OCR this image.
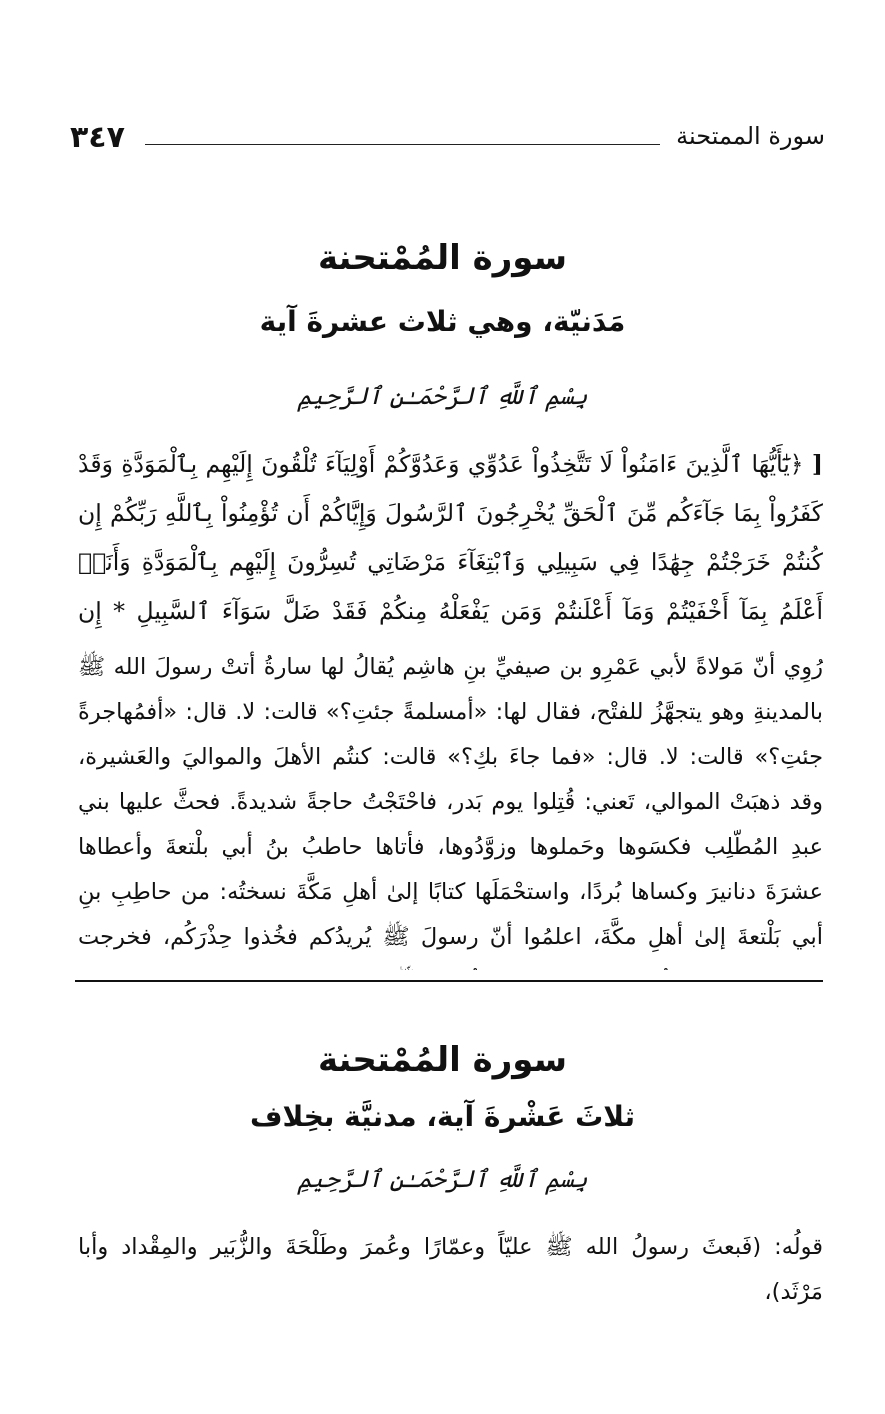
٣٤٧	سورة الممتحنة
سورة المُمْتحنة
مَدَنيّة، وهي ثلاث عشرةَ آية
بِسْمِ ٱللَّهِ ٱلرَّحْمَـٰنِ ٱلرَّحِيمِ
[ ﴿يَٰٓأَيُّهَا ٱلَّذِينَ ءَامَنُواْ لَا تَتَّخِذُواْ عَدُوِّي وَعَدُوَّكُمْ أَوْلِيَآءَ تُلْقُونَ إِلَيْهِم بِٱلْمَوَدَّةِ وَقَدْ كَفَرُواْ بِمَا جَآءَكُم مِّنَ ٱلْحَقِّ يُخْرِجُونَ ٱلرَّسُولَ وَإِيَّاكُمْ أَن تُؤْمِنُواْ بِٱللَّهِ رَبِّكُمْ إِن كُنتُمْ خَرَجْتُمْ جِهَٰدًا فِي سَبِيلِي وَٱبْتِغَآءَ مَرْضَاتِي تُسِرُّونَ إِلَيْهِم بِٱلْمَوَدَّةِ وَأَنَا۠ أَعْلَمُ بِمَآ أَخْفَيْتُمْ وَمَآ أَعْلَنتُمْ وَمَن يَفْعَلْهُ مِنكُمْ فَقَدْ ضَلَّ سَوَآءَ ٱلسَّبِيلِ * إِن
رُوِي أنّ مَولاةً لأبي عَمْرِو بن صيفيِّ بنِ هاشِم يُقالُ لها سارةُ أتتْ رسولَ الله ﷺ بالمدينةِ وهو يتجهَّزُ للفتْح، فقال لها: «أمسلمةً جئتِ؟» قالت: لا. قال: «أفمُهاجرةً جئتِ؟» قالت: لا. قال: «فما جاءَ بكِ؟» قالت: كنتُم الأهلَ والمواليَ والعَشيرة، وقد ذهبَتْ الموالي، تَعني: قُتِلوا يوم بَدر، فاحْتَجْتُ حاجةً شديدةً. فحثَّ عليها بني عبدِ المُطّلِب فكسَوها وحَملوها وزوَّدُوها، فأتاها حاطبُ بنُ أبي بلْتعةَ وأعطاها عشرَةَ دنانيرَ وكساها بُردًا، واستحْمَلَها كتابًا إلىٰ أهلِ مَكَّةَ نسختُه: من حاطِبِ بنِ أبي بَلْتعةَ إلىٰ أهلِ مكَّةَ، اعلمُوا أنّ رسولَ ﷺ يُريدُكم فخُذوا حِذْرَكُم، فخرجت
سورة المُمْتحنة
ثلاثَ عَشْرةَ آية، مدنيَّة بخِلاف
بِسْمِ ٱللَّهِ ٱلرَّحْمَـٰنِ ٱلرَّحِيمِ
قولُه: (فَبعثَ رسولُ الله ﷺ عليّاً وعمّارًا وعُمرَ وطَلْحَةَ والزُّبَير والمِقْداد وأبا مَرْثَد)،
